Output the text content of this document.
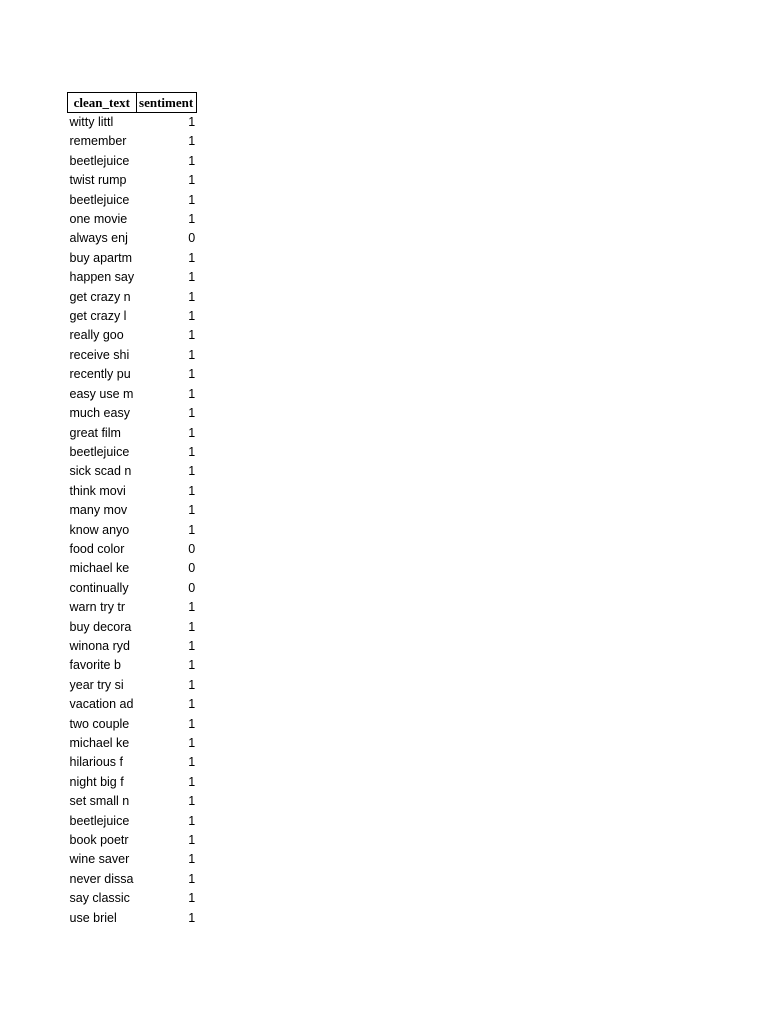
clean_text	sentiment
witty littl	1
remember	1
beetlejuice	1
twist rump	1
beetlejuice	1
one movie	1
always enj	0
buy apartm	1
happen say	1
get crazy n	1
get crazy l	1
really goo	1
receive shi	1
recently pu	1
easy use m	1
much easy	1
great film	1
beetlejuice	1
sick scad n	1
think movi	1
many mov	1
know anyo	1
food color	0
michael ke	0
continually	0
warn try tr	1
buy decora	1
winona ryd	1
favorite b	1
year try si	1
vacation ad	1
two couple	1
michael ke	1
hilarious f	1
night big f	1
set small n	1
beetlejuice	1
book poetr	1
wine saver	1
never dissa	1
say classic	1
use briel	1
